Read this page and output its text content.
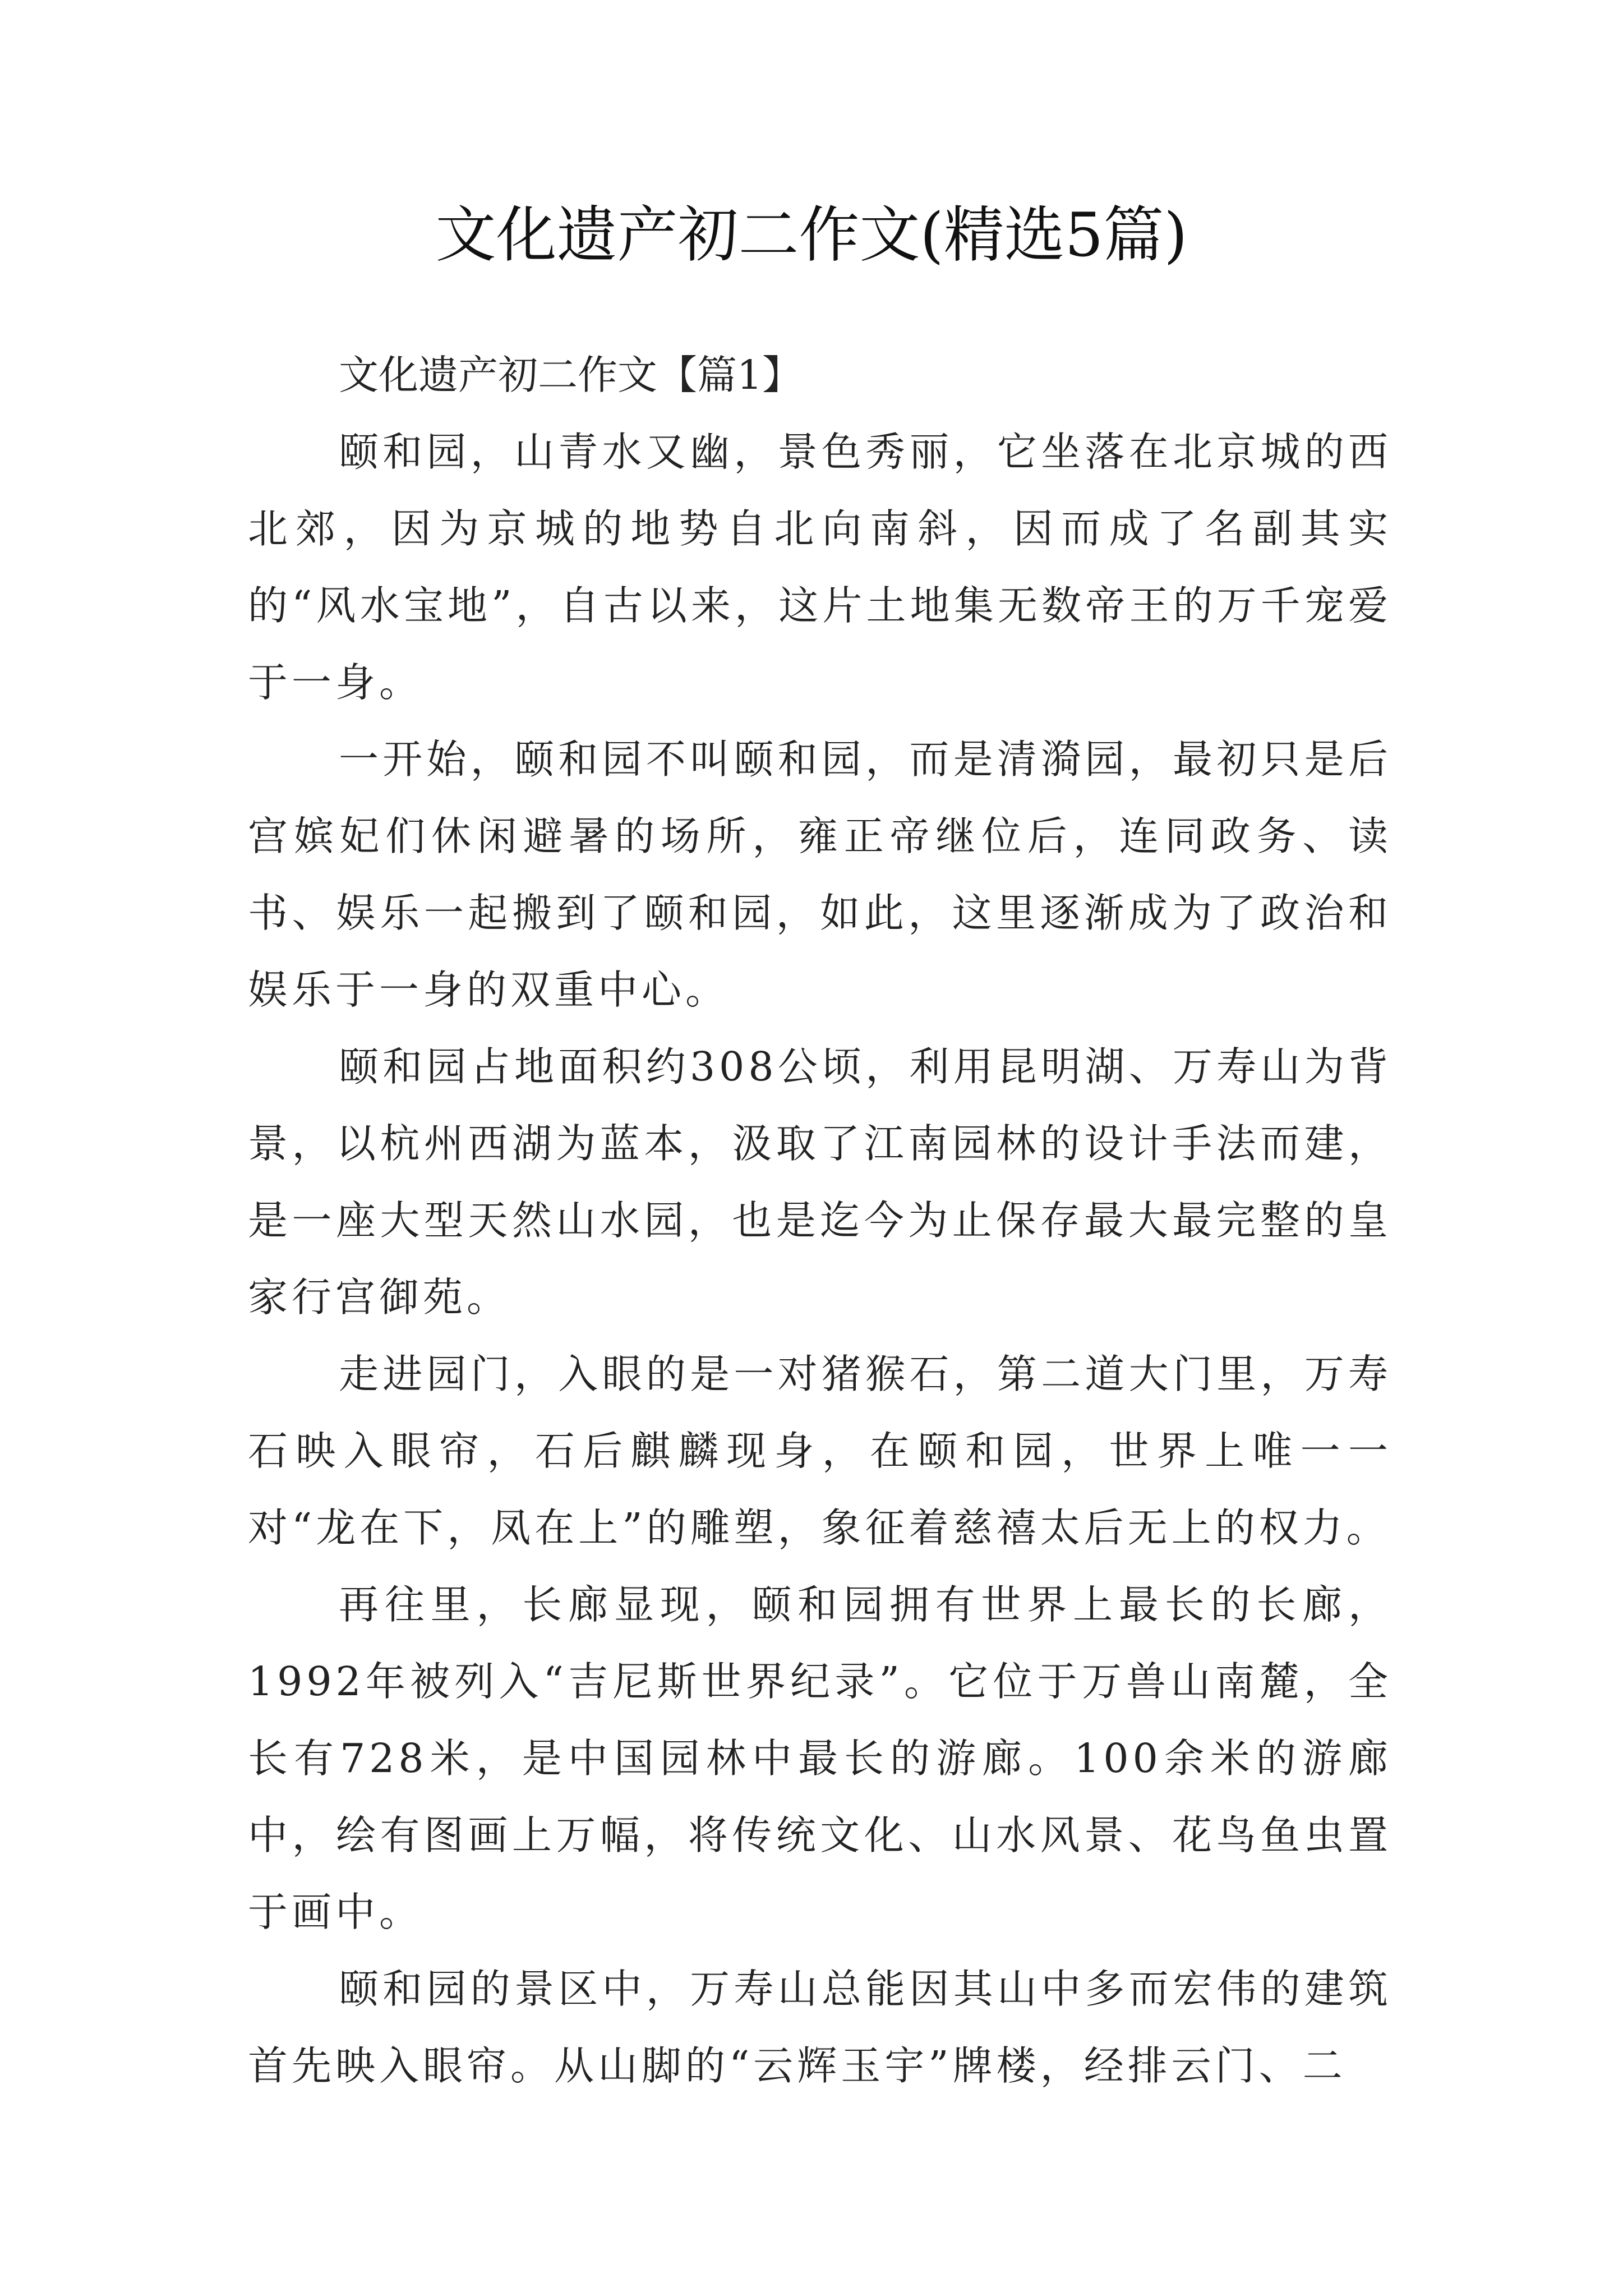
文化遗产初二作文(精选5篇)
文化遗产初二作文【篇1】

颐和园，山青水又幽，景色秀丽，它坐落在北京城的西北郊，因为京城的地势自北向南斜，因而成了名副其实的“风水宝地”，自古以来，这片土地集无数帝王的万千宠爱于一身。

一开始，颐和园不叫颐和园，而是清漪园，最初只是后宫嫔妃们休闲避暑的场所，雍正帝继位后，连同政务、读书、娱乐一起搬到了颐和园，如此，这里逐渐成为了政治和娱乐于一身的双重中心。

颐和园占地面积约308公顷，利用昆明湖、万寿山为背景，以杭州西湖为蓝本，汲取了江南园林的设计手法而建，是一座大型天然山水园，也是迄今为止保存最大最完整的皇家行宫御苑。

走进园门，入眼的是一对猪猴石，第二道大门里，万寿石映入眼帘，石后麒麟现身，在颐和园，世界上唯一一对“龙在下，凤在上”的雕塑，象征着慈禧太后无上的权力。

再往里，长廊显现，颐和园拥有世界上最长的长廊，1992年被列入“吉尼斯世界纪录”。它位于万兽山南麓，全长有728米，是中国园林中最长的游廊。100余米的游廊中，绘有图画上万幅，将传统文化、山水风景、花鸟鱼虫置于画中。

颐和园的景区中，万寿山总能因其山中多而宏伟的建筑首先映入眼帘。从山脚的“云辉玉宇”牌楼，经排云门、二
